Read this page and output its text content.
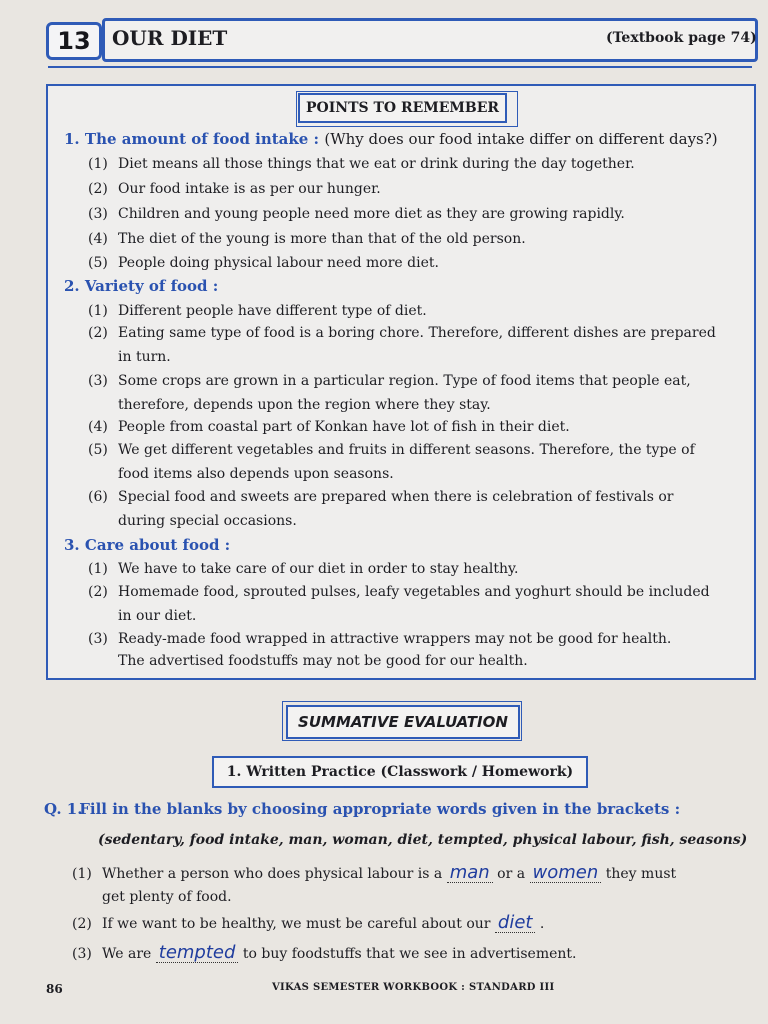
13	OUR DIET	(Textbook page 74)
POINTS TO REMEMBER
1. The amount of food intake : (Why does our food intake differ on different days?)
(1) Diet means all those things that we eat or drink during the day together.
(2) Our food intake is as per our hunger.
(3) Children and young people need more diet as they are growing rapidly.
(4) The diet of the young is more than that of the old person.
(5) People doing physical labour need more diet.
2. Variety of food :
(1) Different people have different type of diet.
(2) Eating same type of food is a boring chore. Therefore, different dishes are prepared
in turn.
(3) Some crops are grown in a particular region. Type of food items that people eat,
therefore, depends upon the region where they stay.
(4) People from coastal part of Konkan have lot of fish in their diet.
(5) We get different vegetables and fruits in different seasons. Therefore, the type of
food items also depends upon seasons.
(6) Special food and sweets are prepared when there is celebration of festivals or
during special occasions.
3. Care about food :
(1) We have to take care of our diet in order to stay healthy.
(2) Homemade food, sprouted pulses, leafy vegetables and yoghurt should be included
in our diet.
(3) Ready-made food wrapped in attractive wrappers may not be good for health.
The advertised foodstuffs may not be good for our health.
SUMMATIVE EVALUATION
1. Written Practice (Classwork / Homework)
Q. 1. Fill in the blanks by choosing appropriate words given in the brackets :
(sedentary, food intake, man, woman, diet, tempted, physical labour, fish, seasons)
(1) Whether a person who does physical labour is a man or a women they must
get plenty of food.
(2) If we want to be healthy, we must be careful about our diet .
(3) We are tempted to buy foodstuffs that we see in advertisement.
86	VIKAS SEMESTER WORKBOOK : STANDARD III
